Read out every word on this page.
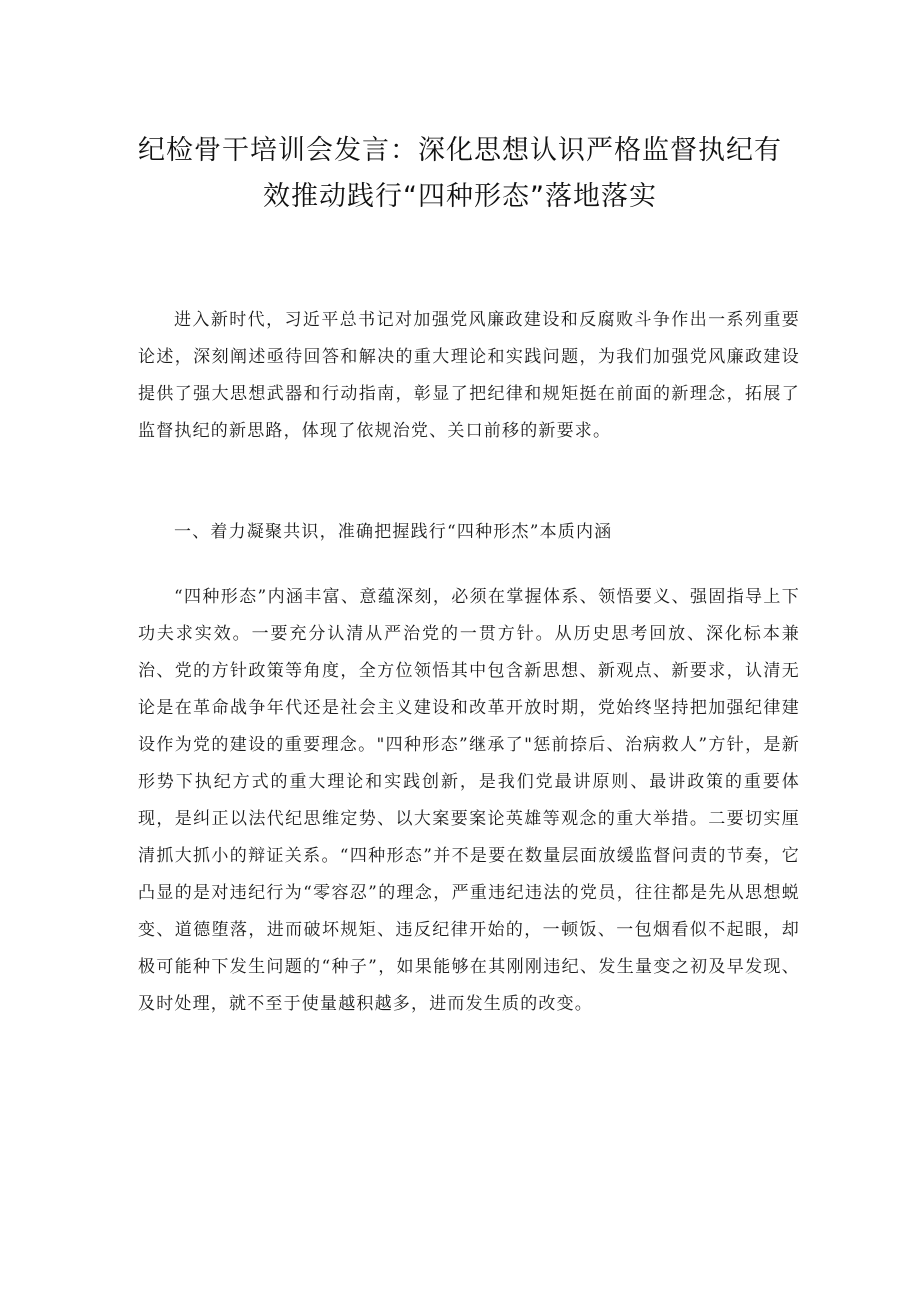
纪检骨干培训会发言：深化思想认识严格监督执纪有
效推动践行“四种形态”落地落实

进入新时代，习近平总书记对加强党风廉政建设和反腐败斗争作出一系列重要论述，深刻阐述亟待回答和解决的重大理论和实践问题，为我们加强党风廉政建设提供了强大思想武器和行动指南，彰显了把纪律和规矩挺在前面的新理念，拓展了监督执纪的新思路，体现了依规治党、关口前移的新要求。

一、着力凝聚共识，准确把握践行“四种形杰”本质内涵

“四种形态”内涵丰富、意蕴深刻，必须在掌握体系、领悟要义、强固指导上下功夫求实效。一要充分认清从严治党的一贯方针。从历史思考回放、深化标本兼治、党的方针政策等角度，全方位领悟其中包含新思想、新观点、新要求，认清无论是在革命战争年代还是社会主义建设和改革开放时期，党始终坚持把加强纪律建设作为党的建设的重要理念。"四种形态”继承了"惩前捺后、治病救人”方针，是新形势下执纪方式的重大理论和实践创新，是我们党最讲原则、最讲政策的重要体现，是纠正以法代纪思维定势、以大案要案论英雄等观念的重大举措。二要切实厘清抓大抓小的辩证关系。“四种形态”并不是要在数量层面放缓监督问责的节奏，它凸显的是对违纪行为“零容忍”的理念，严重违纪违法的党员，往往都是先从思想蜕变、道德堕落，进而破坏规矩、违反纪律开始的，一顿饭、一包烟看似不起眼，却极可能种下发生问题的“种子”，如果能够在其刚刚违纪、发生量变之初及早发现、及时处理，就不至于使量越积越多，进而发生质的改变。
